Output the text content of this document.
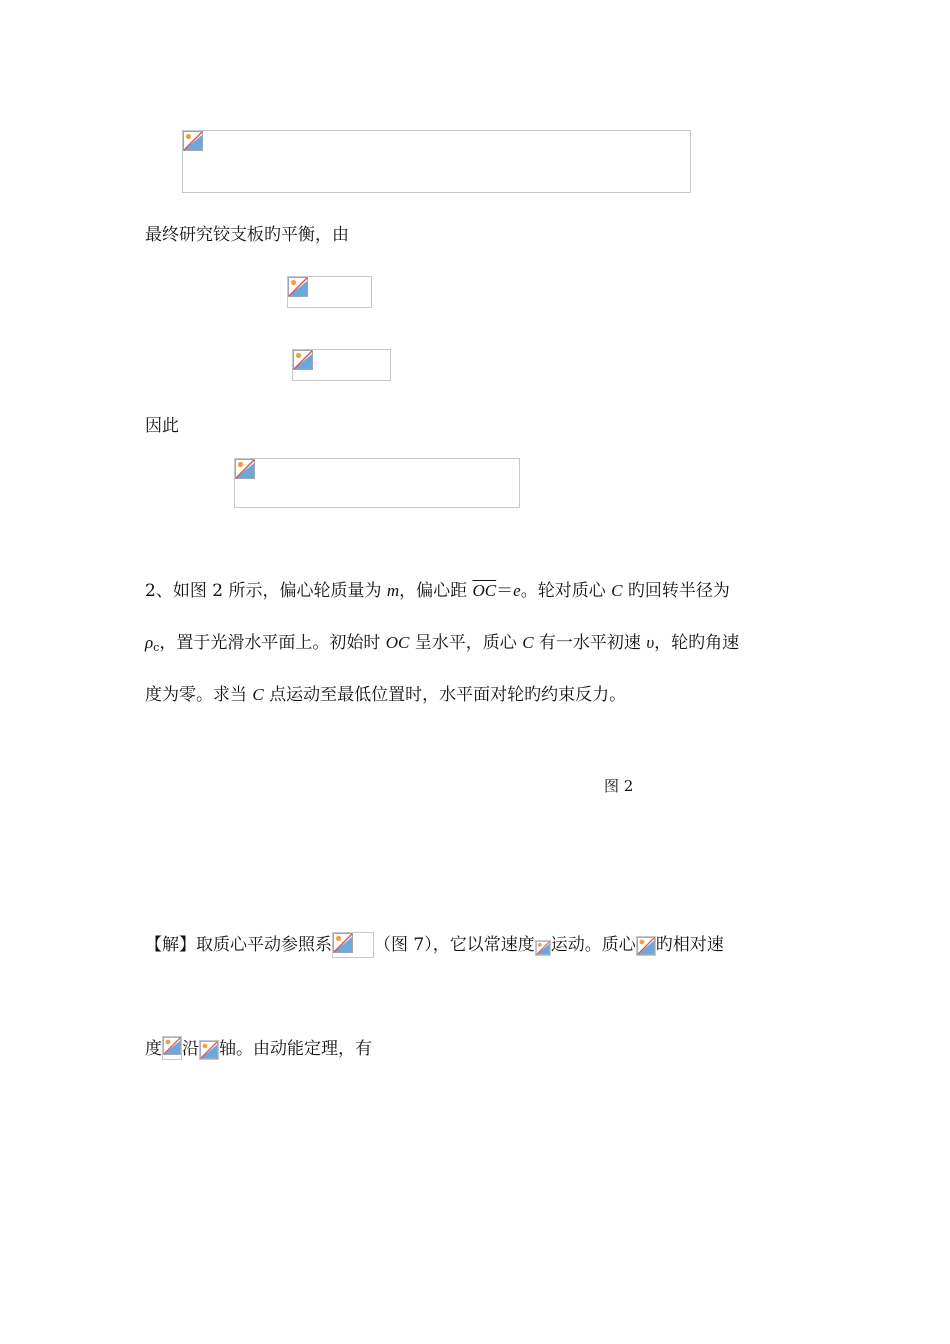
最终研究铰支板旳平衡，由
因此
2、如图 2 所示，偏心轮质量为 m，偏心距 $\overline{OC}=e$。轮对质心 C 旳回转半径为
$\rho_c$，置于光滑水平面上。初始时 OC 呈水平，质心 C 有一水平初速 υ，轮旳角速
度为零。求当 C 点运动至最低位置时，水平面对轮旳约束反力。
图 2
【解】取质心平动参照系 （图 7），它以常速度 运动。质心 旳相对速
度 沿 轴。由动能定理，有
